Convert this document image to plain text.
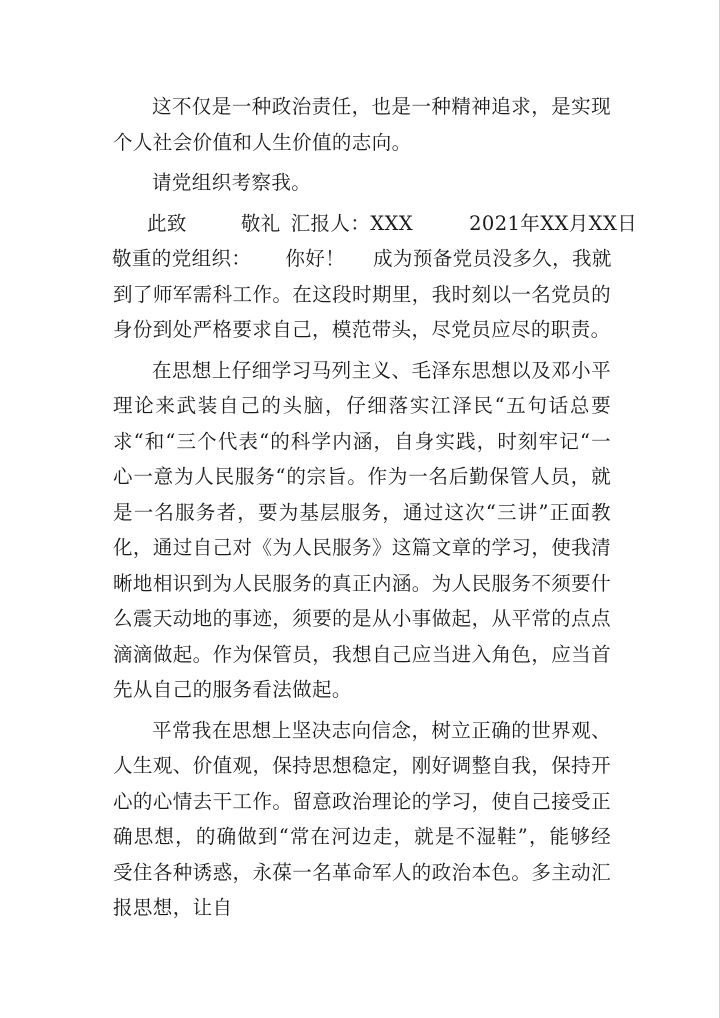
这不仅是一种政治责任，也是一种精神追求，是实现个人社会价值和人生价值的志向。

请党组织考察我。

此致	敬礼 汇报人：XXX	2021年XX月XX日

敬重的党组织： 你好！ 成为预备党员没多久，我就

到了师军需科工作。在这段时期里，我时刻以一名党员的身份到处严格要求自己，模范带头，尽党员应尽的职责。

在思想上仔细学习马列主义、毛泽东思想以及邓小平理论来武装自己的头脑，仔细落实江泽民“五句话总要求“和“三个代表“的科学内涵，自身实践，时刻牢记“一心一意为人民服务“的宗旨。作为一名后勤保管人员，就是一名服务者，要为基层服务，通过这次“三讲”正面教化，通过自己对《为人民服务》这篇文章的学习，使我清晰地相识到为人民服务的真正内涵。为人民服务不须要什么震天动地的事迹，须要的是从小事做起，从平常的点点滴滴做起。作为保管员，我想自己应当进入角色，应当首先从自己的服务看法做起。

平常我在思想上坚决志向信念，树立正确的世界观、人生观、价值观，保持思想稳定，刚好调整自我，保持开心的心情去干工作。留意政治理论的学习，使自己接受正确思想，的确做到“常在河边走，就是不湿鞋”，能够经受住各种诱惑，永葆一名革命军人的政治本色。多主动汇报思想，让自
